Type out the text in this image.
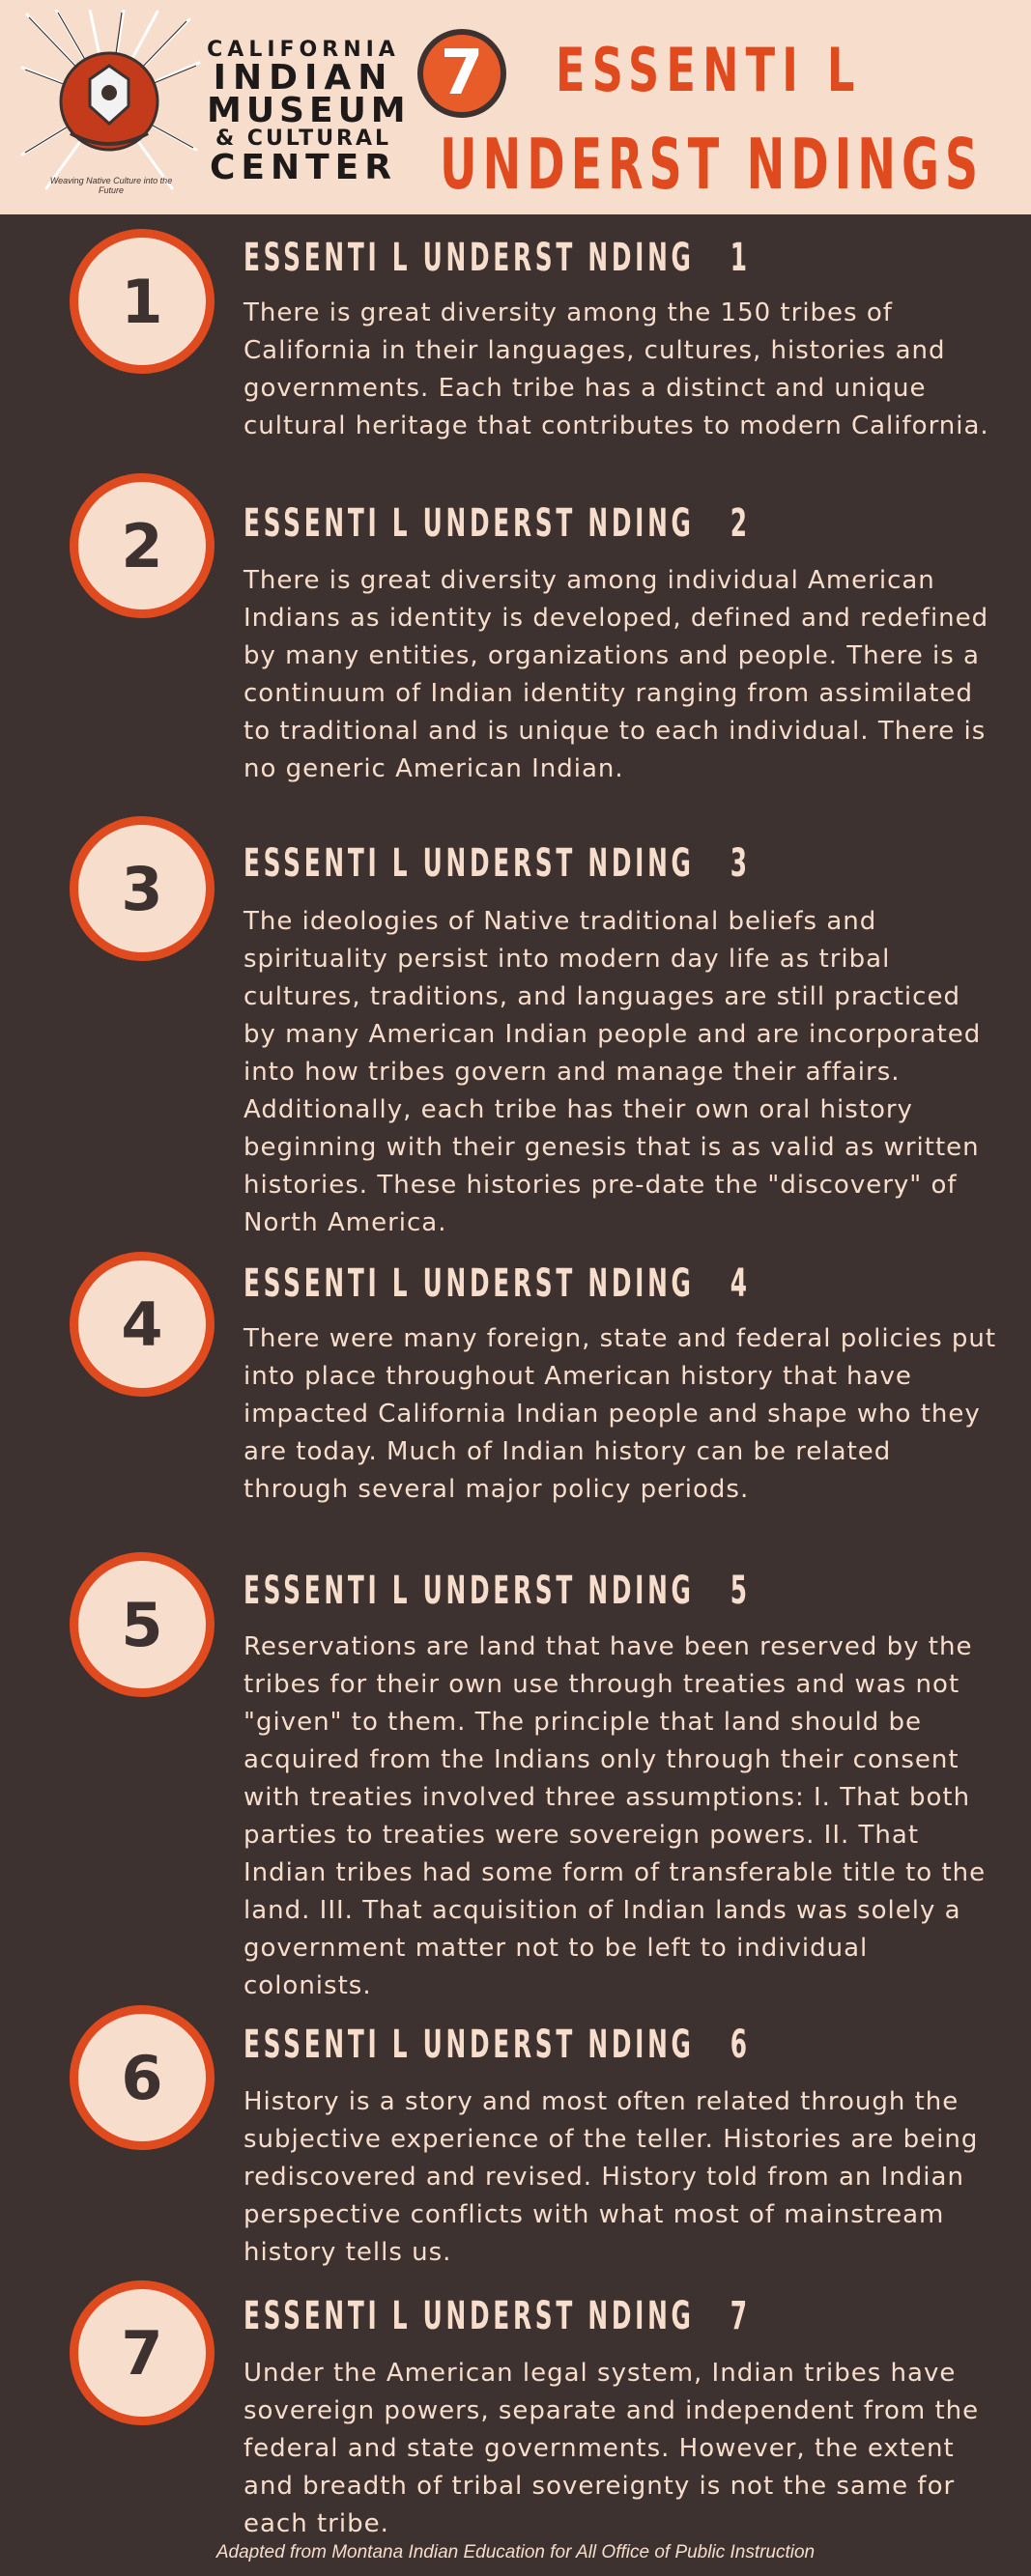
Weaving Native Culture into the Future
CALIFORNIA
INDIAN
MUSEUM
& CULTURAL
CENTER
7 ESSENTI L
UNDERST NDINGS
1
ESSENTI L UNDERST NDING   1
There is great diversity among the 150 tribes of California in their languages, cultures, histories and governments. Each tribe has a distinct and unique cultural heritage that contributes to modern California.
2 ESSENTI L UNDERST NDING   2
There is great diversity among individual American Indians as identity is developed, defined and redefined by many entities, organizations and people. There is a continuum of Indian identity ranging from assimilated to traditional and is unique to each individual. There is no generic American Indian.
3 ESSENTI L UNDERST NDING   3
The ideologies of Native traditional beliefs and spirituality persist into modern day life as tribal cultures, traditions, and languages are still practiced by many American Indian people and are incorporated into how tribes govern and manage their affairs. Additionally, each tribe has their own oral history beginning with their genesis that is as valid as written histories. These histories pre-date the "discovery" of North America.
4
ESSENTI L UNDERST NDING   4
There were many foreign, state and federal policies put into place throughout American history that have impacted California Indian people and shape who they are today. Much of Indian history can be related through several major policy periods.
5 ESSENTI L UNDERST NDING   5
Reservations are land that have been reserved by the tribes for their own use through treaties and was not "given" to them. The principle that land should be acquired from the Indians only through their consent with treaties involved three assumptions: I. That both parties to treaties were sovereign powers. II. That Indian tribes had some form of transferable title to the land. III. That acquisition of Indian lands was solely a government matter not to be left to individual colonists.
6 ESSENTI L UNDERST NDING   6
History is a story and most often related through the subjective experience of the teller. Histories are being rediscovered and revised. History told from an Indian perspective conflicts with what most of mainstream history tells us.
7
ESSENTI L UNDERST NDING   7
Under the American legal system, Indian tribes have sovereign powers, separate and independent from the federal and state governments. However, the extent and breadth of tribal sovereignty is not the same for each tribe.
Adapted from Montana Indian Education for All Office of Public Instruction
